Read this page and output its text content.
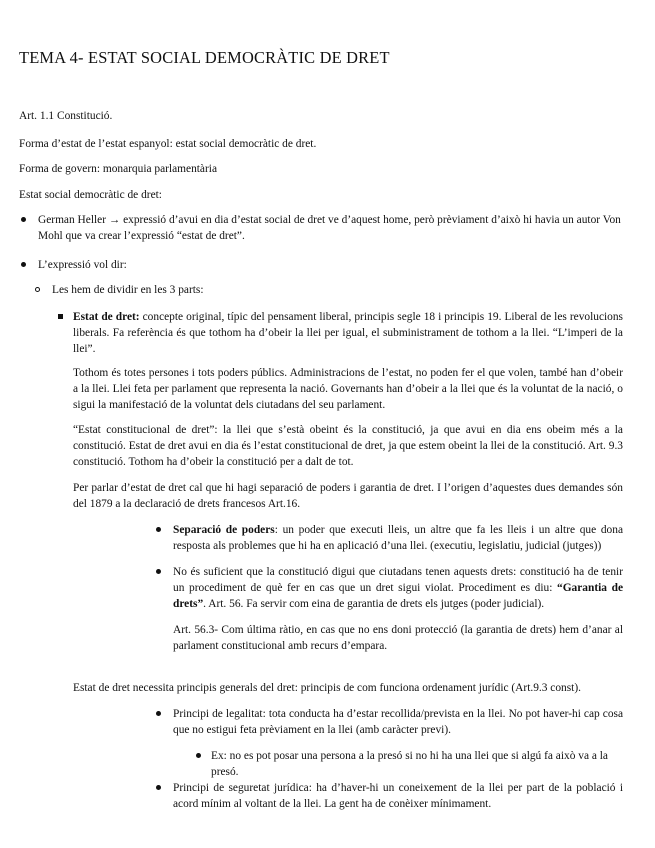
TEMA 4- ESTAT SOCIAL DEMOCRÀTIC DE DRET

Art. 1.1 Constitució.

Forma d’estat de l’estat espanyol: estat social democràtic de dret.

Forma de govern: monarquia parlamentària

Estat social democràtic de dret:

German Heller → expressió d’avui en dia d’estat social de dret ve d’aquest home, però prèviament d’això hi havia un autor Von Mohl que va crear l’expressió “estat de dret”.

L’expressió vol dir:

Les hem de dividir en les 3 parts:

Estat de dret: concepte original, típic del pensament liberal, principis segle 18 i principis 19. Liberal de les revolucions liberals. Fa referència és que tothom ha d’obeir la llei per igual, el subministrament de tothom a la llei. “L’imperi de la llei”.

Tothom és totes persones i tots poders públics. Administracions de l’estat, no poden fer el que volen, també han d’obeir a la llei. Llei feta per parlament que representa la nació. Governants han d’obeir a la llei que és la voluntat de la nació, o sigui la manifestació de la voluntat dels ciutadans del seu parlament.

“Estat constitucional de dret”: la llei que s’està obeint és la constitució, ja que avui en dia ens obeim més a la constitució. Estat de dret avui en dia és l’estat constitucional de dret, ja que estem obeint la llei de la constitució. Art. 9.3 constitució. Tothom ha d’obeir la constitució per a dalt de tot.

Per parlar d’estat de dret cal que hi hagi separació de poders i garantia de dret. I l’origen d’aquestes dues demandes són del 1879 a la declaració de drets francesos Art.16.

Separació de poders: un poder que executi lleis, un altre que fa les lleis i un altre que dona resposta als problemes que hi ha en aplicació d’una llei. (executiu, legislatiu, judicial (jutges))

No és suficient que la constitució digui que ciutadans tenen aquests drets: constitució ha de tenir un procediment de què fer en cas que un dret sigui violat. Procediment es diu: “Garantia de drets”. Art. 56. Fa servir com eina de garantia de drets els jutges (poder judicial).

Art. 56.3- Com última ràtio, en cas que no ens doni protecció (la garantia de drets) hem d’anar al parlament constitucional amb recurs d’empara.

Estat de dret necessita principis generals del dret: principis de com funciona ordenament jurídic (Art.9.3 const).

Principi de legalitat: tota conducta ha d’estar recollida/prevista en la llei. No pot haver-hi cap cosa que no estigui feta prèviament en la llei (amb caràcter previ).

Ex: no es pot posar una persona a la presó si no hi ha una llei que si algú fa això va a la presó.

Principi de seguretat jurídica: ha d’haver-hi un coneixement de la llei per part de la població i acord mínim al voltant de la llei. La gent ha de conèixer mínimament.
